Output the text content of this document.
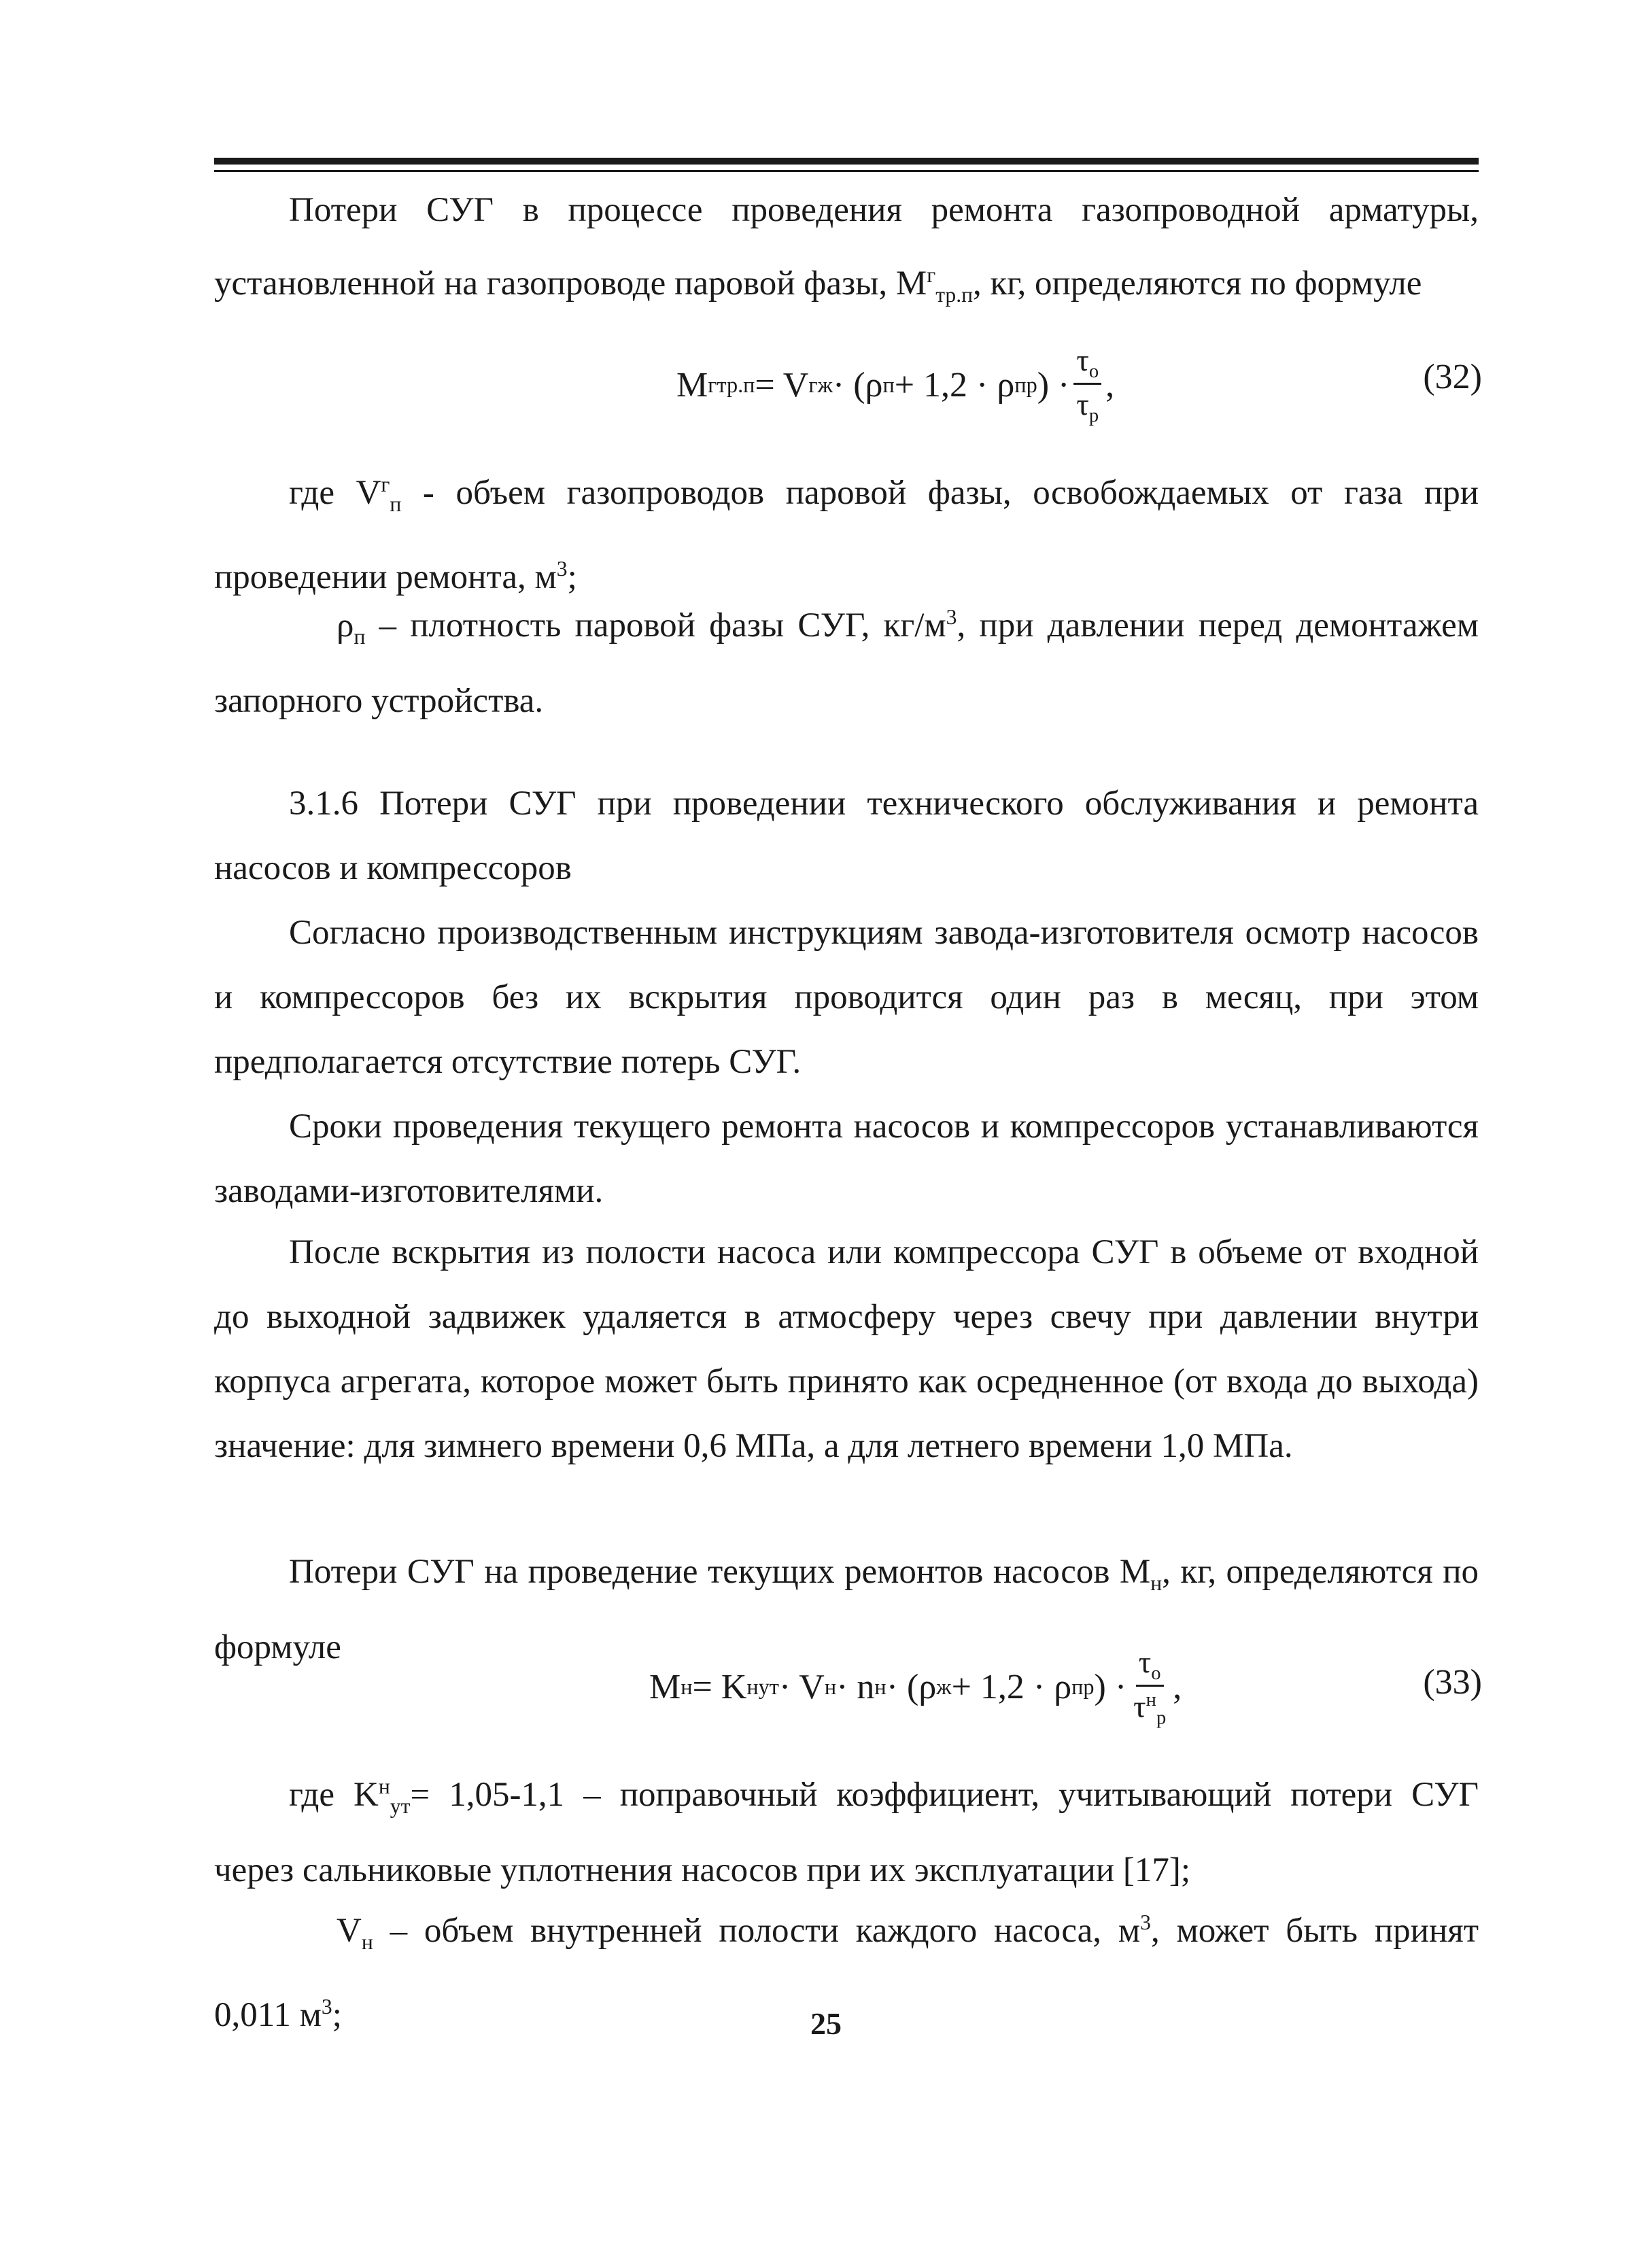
Потери СУГ в процессе проведения ремонта газопроводной арматуры, установленной на газопроводе паровой фазы, $M^г_{тр.п}$, кг, определяются по формуле

M г тр.п = V г ж · (ρ п + 1,2 · ρ пр ) · $\frac{\tau_о}{\tau_р}$ ,	(32)

где $V^г_п$ - объем газопроводов паровой фазы, освобождаемых от газа при проведении ремонта, $м^3$;

$\rho_п$ – плотность паровой фазы СУГ, $кг/м^3$, при давлении перед демонтажем запорного устройства.

3.1.6 Потери СУГ при проведении технического обслуживания и ремонта насосов и компрессоров

Согласно производственным инструкциям завода-изготовителя осмотр насосов и компрессоров без их вскрытия проводится один раз в месяц, при этом предполагается отсутствие потерь СУГ.

Сроки проведения текущего ремонта насосов и компрессоров устанавливаются заводами-изготовителями.

После вскрытия из полости насоса или компрессора СУГ в объеме от входной до выходной задвижек удаляется в атмосферу через свечу при давлении внутри корпуса агрегата, которое может быть принято как осредненное (от входа до выхода) значение: для зимнего времени 0,6 МПа, а для летнего времени 1,0 МПа.

Потери СУГ на проведение текущих ремонтов насосов $M_н$, кг, определяются по формуле

M н = K н ут · V н · n н · (ρ ж + 1,2 · ρ пр ) · $\frac{\tau_о}{\tau^н_р}$ ,	(33)

где $K^н_{ут}= 1,05-1,1$ – поправочный коэффициент, учитывающий потери СУГ через сальниковые уплотнения насосов при их эксплуатации [17];

$V_н$ – объем внутренней полости каждого насоса, $м^3$, может быть принят 0,011 $м^3$;	25
